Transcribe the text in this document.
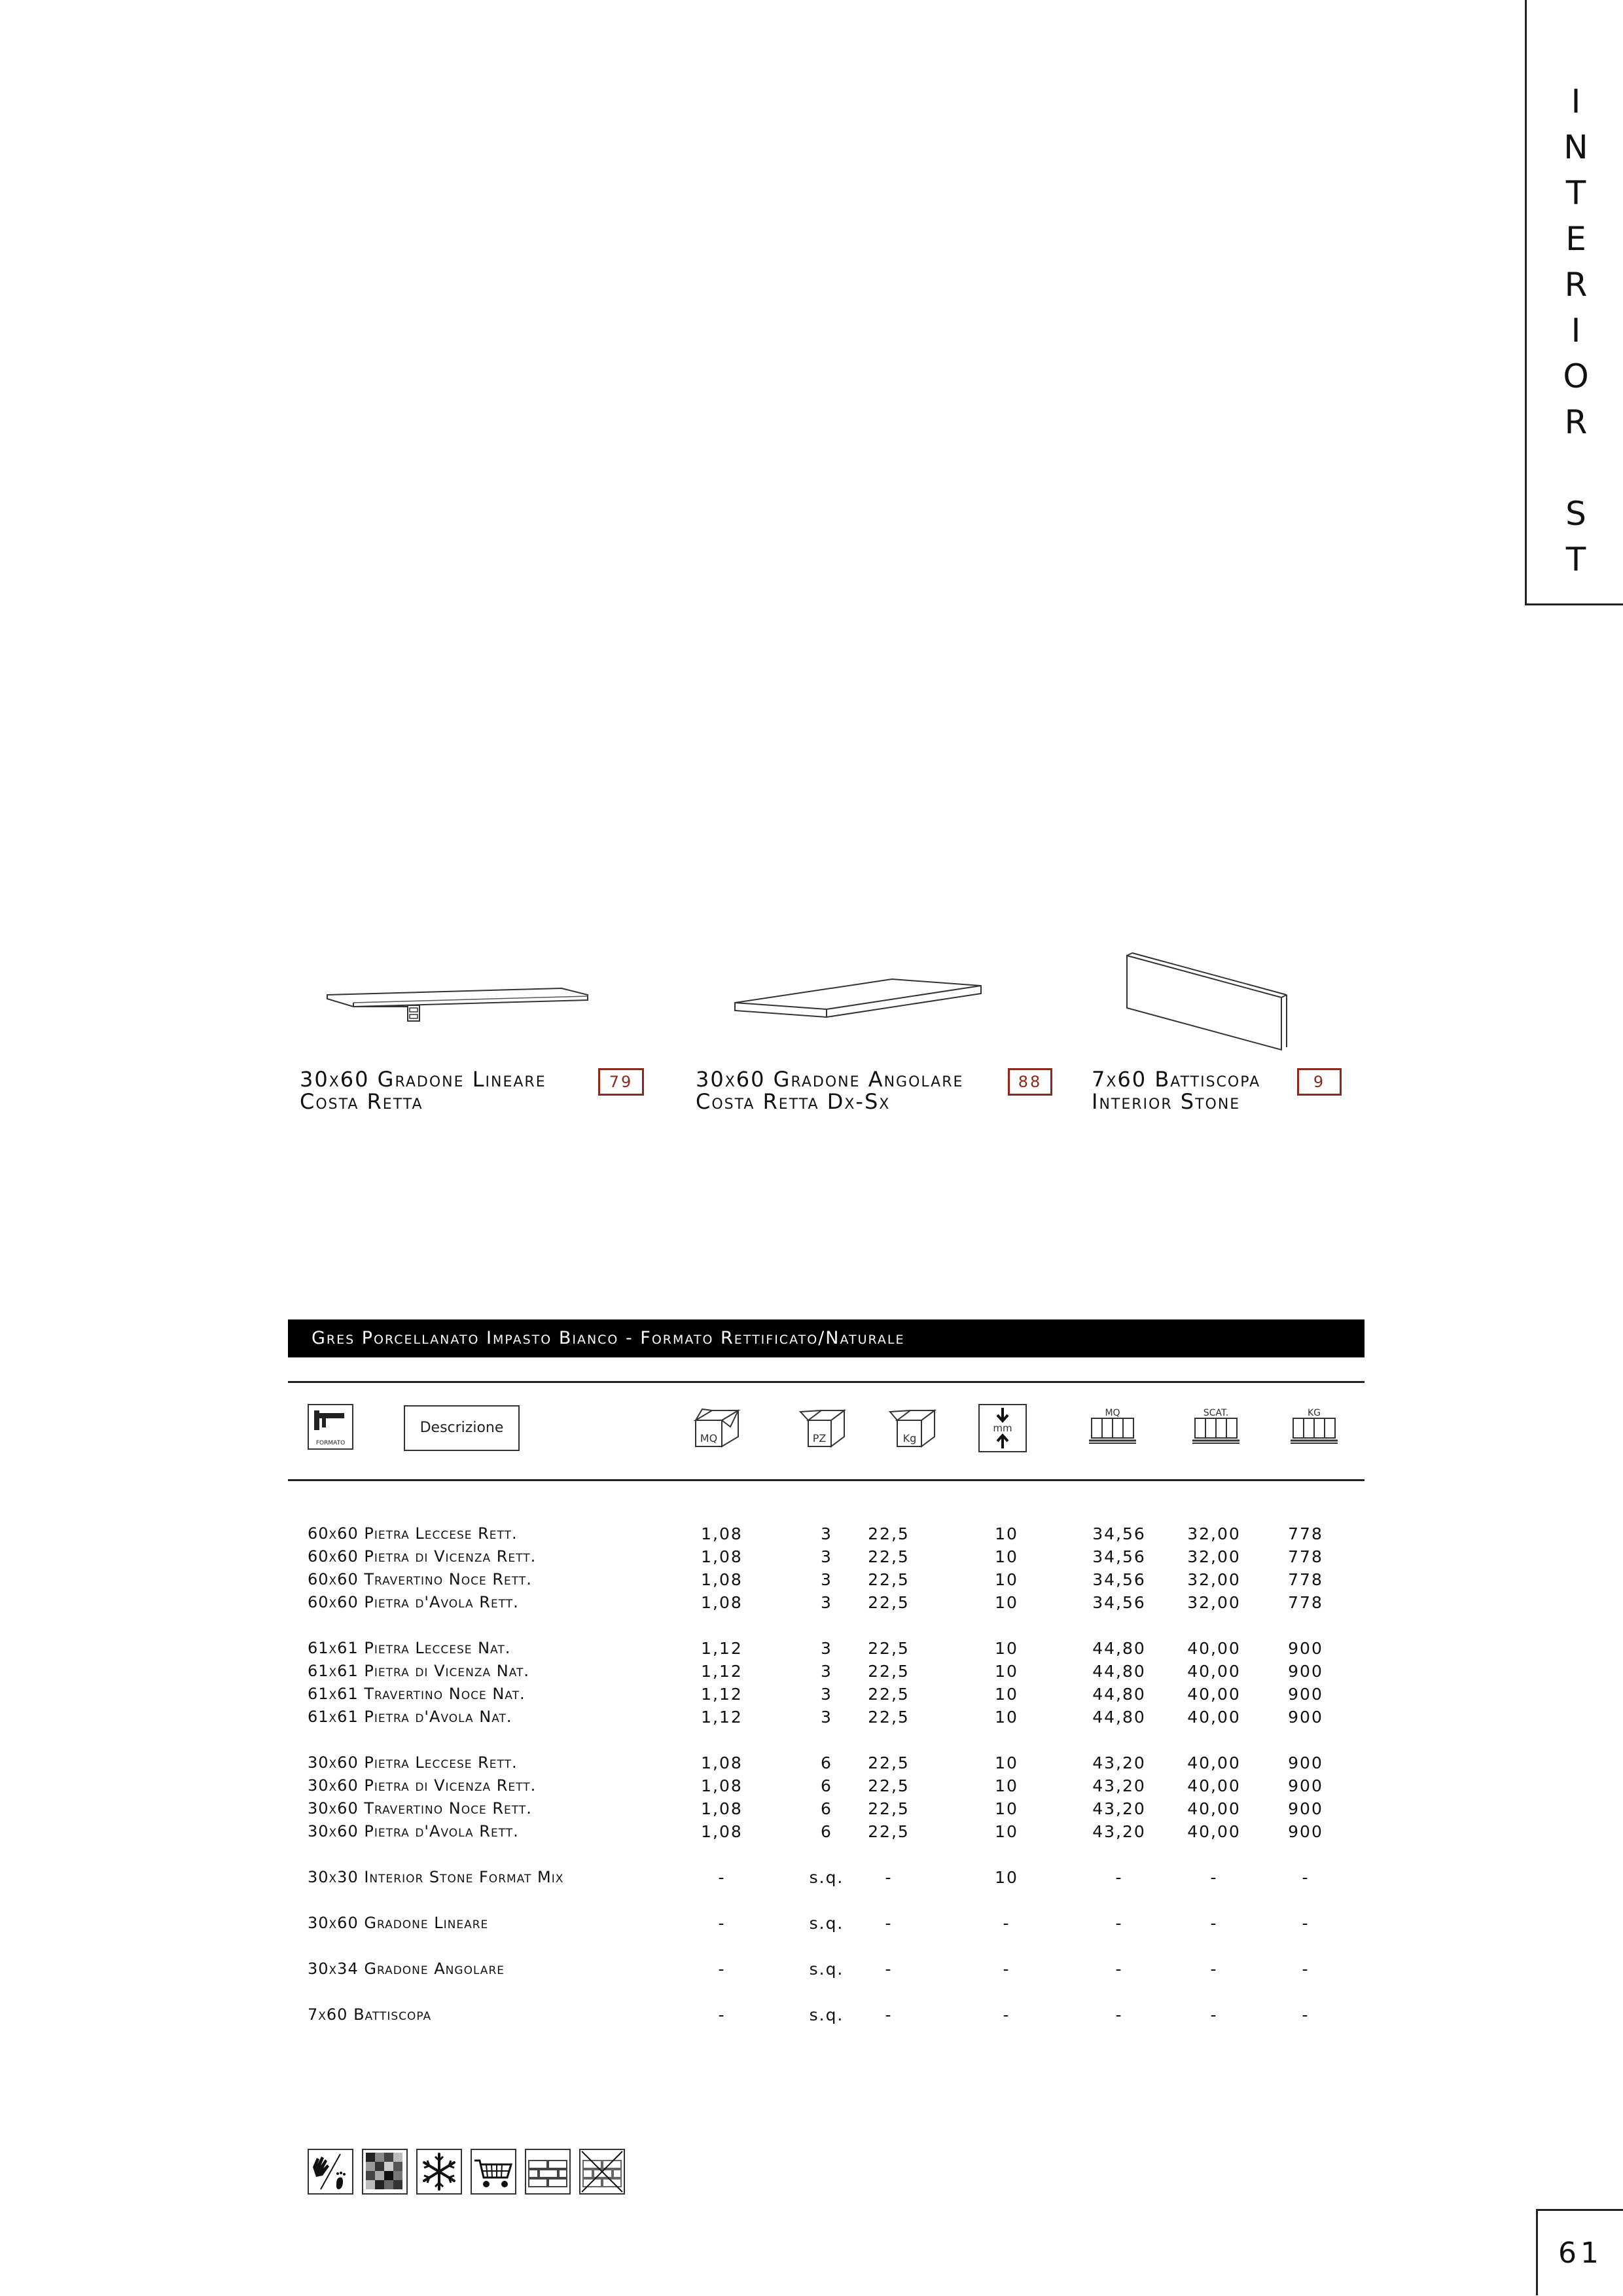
I
N
T
E
R
I
O
R
S
T
30x60 Gradone Lineare
Costa Retta
79	30x60 Gradone Angolare
Costa Retta Dx-Sx
88	7x60 Battiscopa
Interior Stone
9
Gres Porcellanato Impasto Bianco - Formato Rettificato/Naturale
FORMATO
Descrizione
MQ	PZ	Kg
mm
MQ	SCAT.	KG
60x60 Pietra Leccese Rett.	1,08	3	22,5	10	34,56	32,00	778
60x60 Pietra di Vicenza Rett.	1,08	3	22,5	10	34,56	32,00	778
60x60 Travertino Noce Rett.	1,08	3	22,5	10	34,56	32,00	778
60x60 Pietra d'Avola Rett.	1,08	3	22,5	10	34,56	32,00	778
61x61 Pietra Leccese Nat.	1,12	3	22,5	10	44,80	40,00	900
61x61 Pietra di Vicenza Nat.	1,12	3	22,5	10	44,80	40,00	900
61x61 Travertino Noce Nat.	1,12	3	22,5	10	44,80	40,00	900
61x61 Pietra d'Avola Nat.	1,12	3	22,5	10	44,80	40,00	900
30x60 Pietra Leccese Rett.	1,08	6	22,5	10	43,20	40,00	900
30x60 Pietra di Vicenza Rett.	1,08	6	22,5	10	43,20	40,00	900
30x60 Travertino Noce Rett.	1,08	6	22,5	10	43,20	40,00	900
30x60 Pietra d'Avola Rett.	1,08	6	22,5	10	43,20	40,00	900
30x30 Interior Stone Format Mix	-	s.q.	-	10	-	-	-
30x60 Gradone Lineare	-	s.q.	-	-	-	-	-
30x34 Gradone Angolare	-	s.q.	-	-	-	-	-
7x60 Battiscopa	-	s.q.	-	-	-	-	-
61
